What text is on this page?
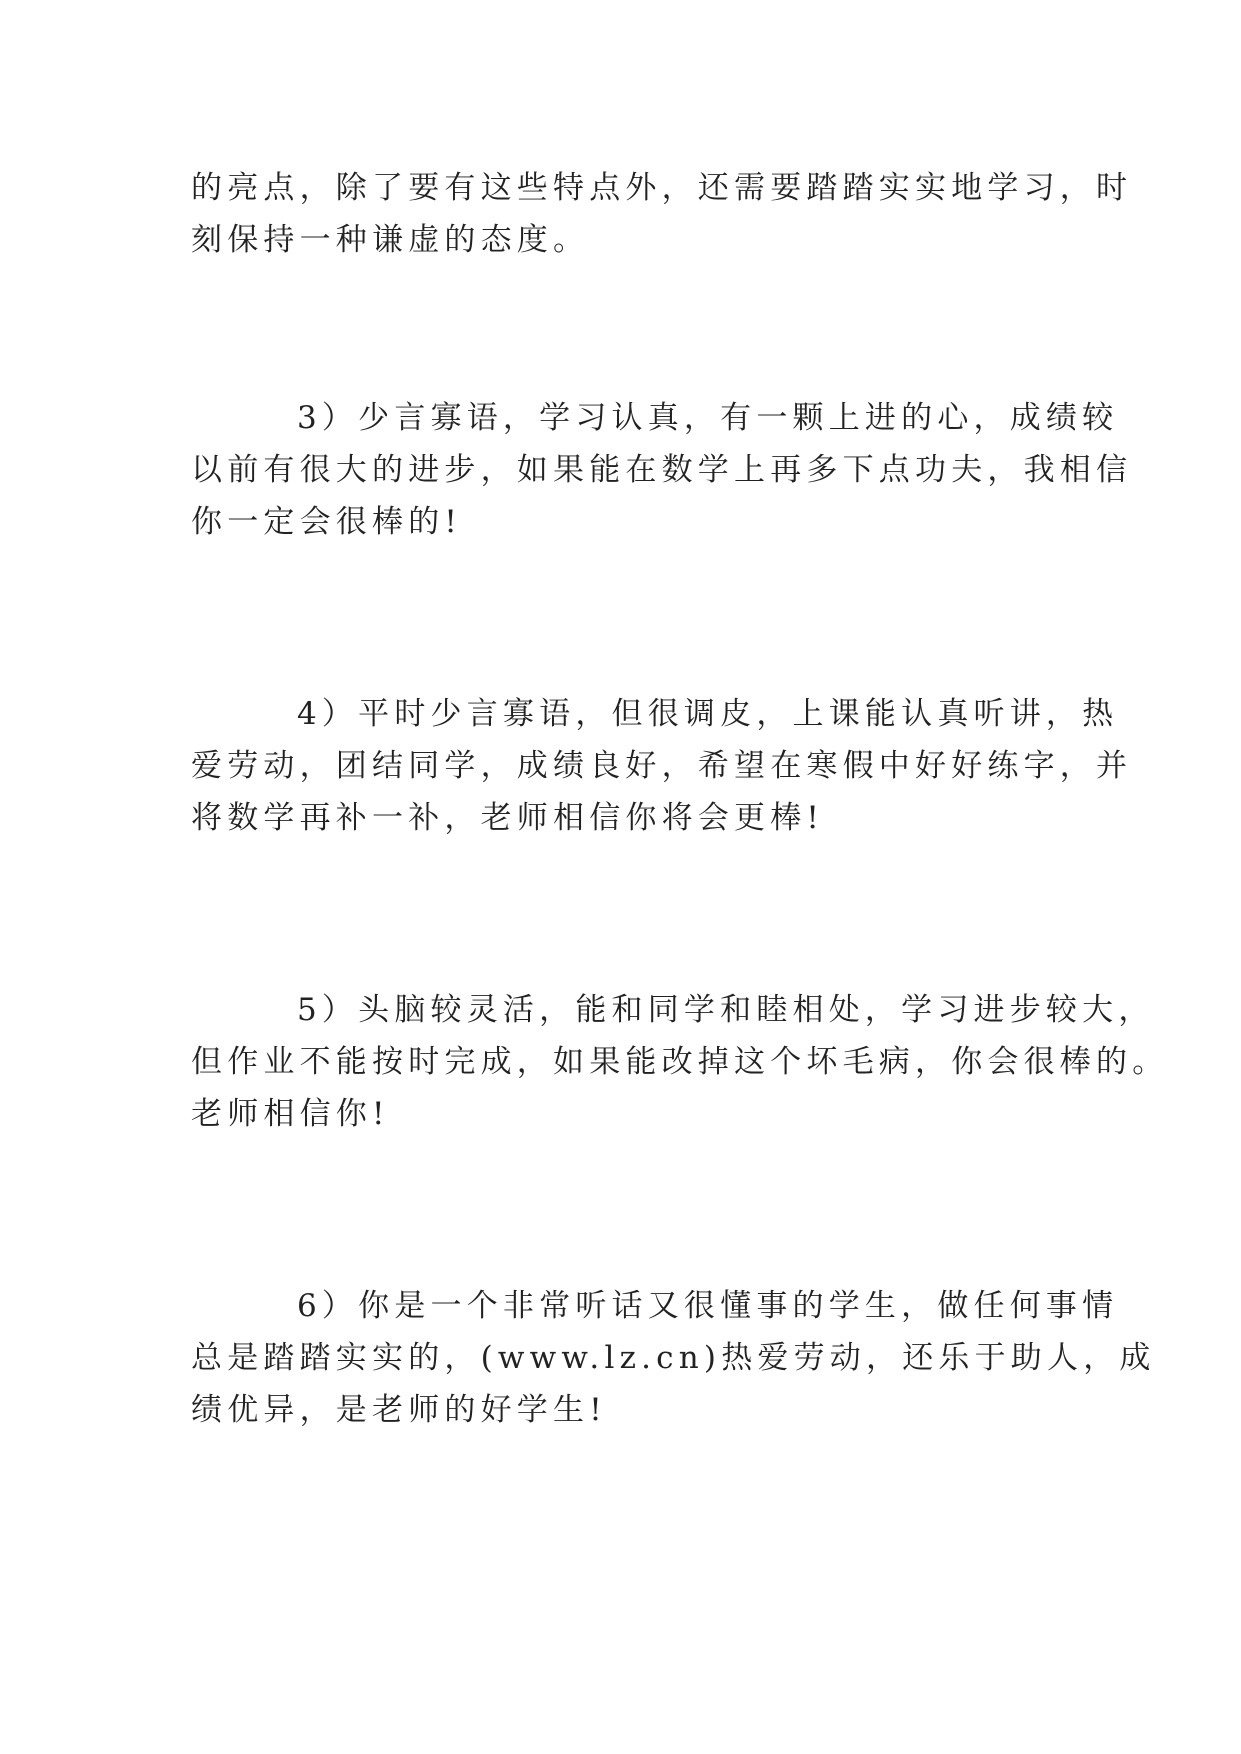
的亮点，除了要有这些特点外，还需要踏踏实实地学习，时
刻保持一种谦虚的态度。
3）少言寡语，学习认真，有一颗上进的心，成绩较
以前有很大的进步，如果能在数学上再多下点功夫，我相信
你一定会很棒的!
4）平时少言寡语，但很调皮，上课能认真听讲，热
爱劳动，团结同学，成绩良好，希望在寒假中好好练字，并
将数学再补一补，老师相信你将会更棒!
5）头脑较灵活，能和同学和睦相处，学习进步较大，
但作业不能按时完成，如果能改掉这个坏毛病，你会很棒的。
老师相信你!
6）你是一个非常听话又很懂事的学生，做任何事情
总是踏踏实实的，(www.lz.cn)热爱劳动，还乐于助人，成
绩优异，是老师的好学生!
